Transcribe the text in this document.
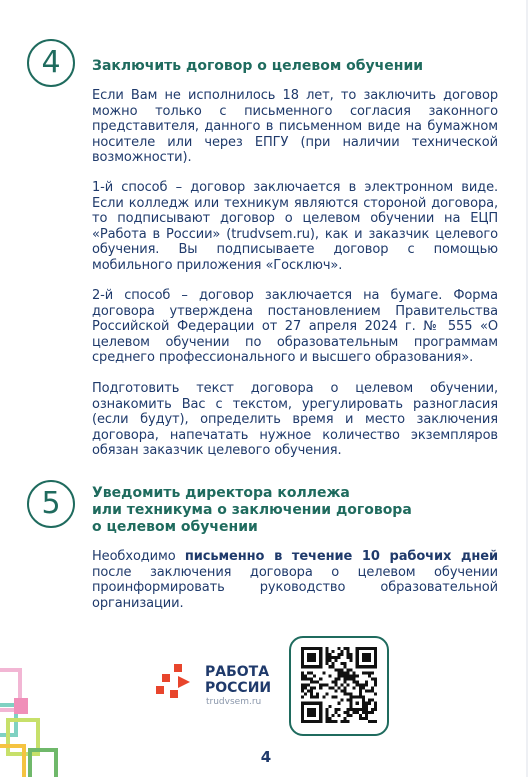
4	Заключить договор о целевом обучении
Если Вам не исполнилось 18 лет, то заключить договор можно только с письменного согласия законного представителя, данного в письменном виде на бумажном носителе или через ЕПГУ (при наличии технической возможности).
1-й способ – договор заключается в электронном виде. Если колледж или техникум являются стороной договора, то подписывают договор о целевом обучении на ЕЦП «Работа в России» (trudvsem.ru), как и заказчик целевого обучения. Вы подписываете договор с помощью мобильного приложения «Госключ».
2-й способ – договор заключается на бумаге. Форма договора утверждена постановлением Правительства Российской Федерации от 27 апреля 2024 г. № 555 «О целевом обучении по образовательным программам среднего профессионального и высшего образования».
Подготовить текст договора о целевом обучении, ознакомить Вас с текстом, урегулировать разногласия (если будут), определить время и место заключения договора, напечатать нужное количество экземпляров обязан заказчик целевого обучения.
5	Уведомить директора коллежа
или техникума о заключении договора
о целевом обучении
Необходимо письменно в течение 10 рабочих дней после заключения договора о целевом обучении проинформировать руководство образовательной организации.
РАБОТА
РОССИИ
trudvsem.ru
4
